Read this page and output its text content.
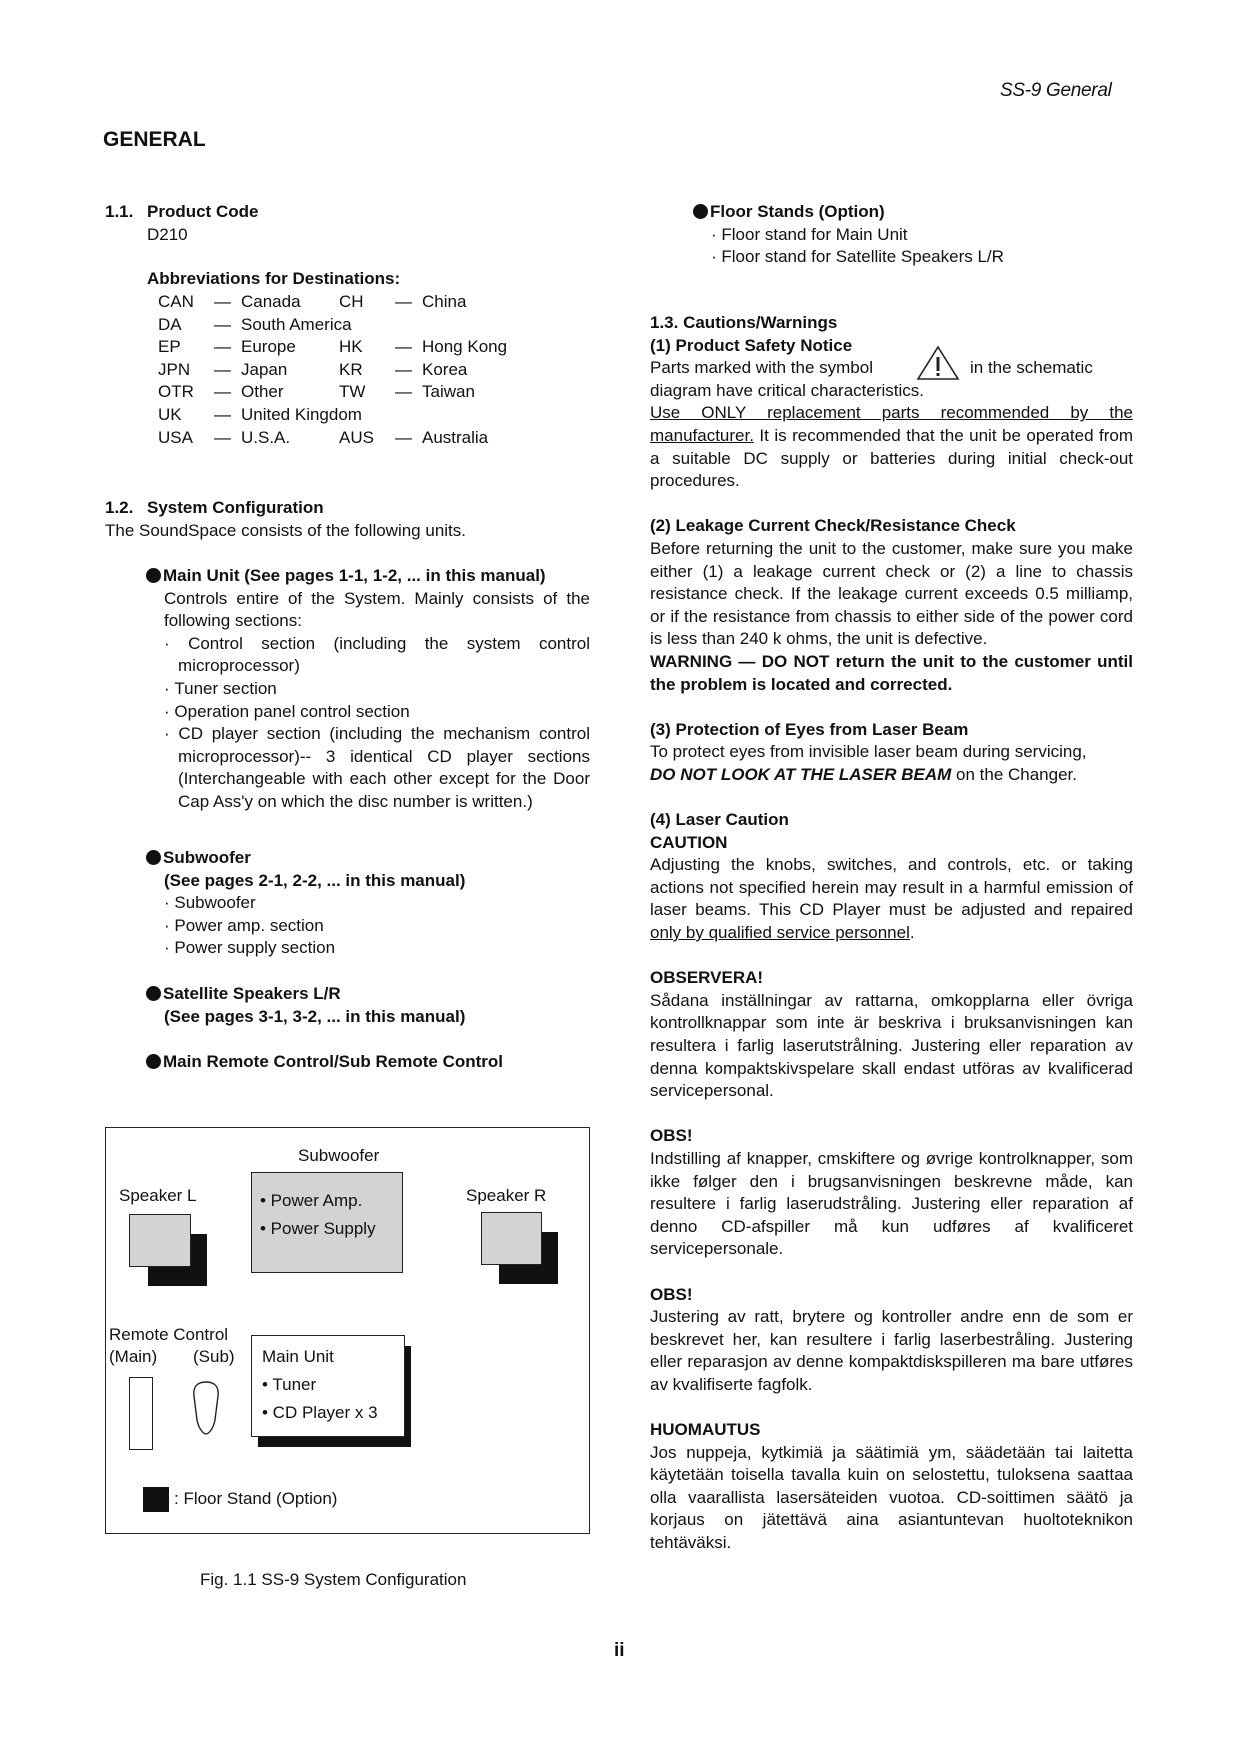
SS-9 General
GENERAL
1.1. Product Code
D210
Abbreviations for Destinations:
CAN	—	Canada	CH	—	China
DA	—	South America			
EP	—	Europe	HK	—	Hong Kong
JPN	—	Japan	KR	—	Korea
OTR	—	Other	TW	—	Taiwan
UK	—	United Kingdom			
USA	—	U.S.A.	AUS	—	Australia
1.2. System Configuration
The SoundSpace consists of the following units.
Main Unit (See pages 1-1, 1-2, ... in this manual)
Controls entire of the System. Mainly consists of the following sections:
· Control section (including the system control microprocessor)
· Tuner section
· Operation panel control section
· CD player section (including the mechanism control microprocessor)-- 3 identical CD player sections (Interchangeable with each other except for the Door Cap Ass'y on which the disc number is written.)
Subwoofer
(See pages 2-1, 2-2, ... in this manual)
· Subwoofer
· Power amp. section
· Power supply section
Satellite Speakers L/R
(See pages 3-1, 3-2, ... in this manual)
Main Remote Control/Sub Remote Control
Subwoofer
• Power Amp.
• Power Supply
Speaker L	Speaker R
Remote Control
(Main) (Sub) Main Unit
• Tuner
• CD Player x 3
: Floor Stand (Option)
Fig. 1.1 SS-9 System Configuration
Floor Stands (Option)
· Floor stand for Main Unit
· Floor stand for Satellite Speakers L/R
1.3. Cautions/Warnings
(1) Product Safety Notice
Parts marked with the symbol	in the schematic
diagram have critical characteristics.
Use ONLY replacement parts recommended by the manufacturer. It is recommended that the unit be operated from a suitable DC supply or batteries during initial check-out procedures.
(2) Leakage Current Check/Resistance Check
Before returning the unit to the customer, make sure you make either (1) a leakage current check or (2) a line to chassis resistance check. If the leakage current exceeds 0.5 milliamp, or if the resistance from chassis to either side of the power cord is less than 240 k ohms, the unit is defective.
WARNING — DO NOT return the unit to the customer until the problem is located and corrected.
(3) Protection of Eyes from Laser Beam
To protect eyes from invisible laser beam during servicing,
DO NOT LOOK AT THE LASER BEAM on the Changer.
(4) Laser Caution
CAUTION
Adjusting the knobs, switches, and controls, etc. or taking actions not specified herein may result in a harmful emission of laser beams. This CD Player must be adjusted and repaired only by qualified service personnel.
OBSERVERA!
Sådana inställningar av rattarna, omkopplarna eller övriga kontrollknappar som inte är beskriva i bruksanvisningen kan resultera i farlig laserutstrålning. Justering eller reparation av denna kompaktskivspelare skall endast utföras av kvalificerad servicepersonal.
OBS!
Indstilling af knapper, cmskiftere og øvrige kontrolknapper, som ikke følger den i brugsanvisningen beskrevne måde, kan resultere i farlig laserudstråling. Justering eller reparation af denno CD-afspiller må kun udføres af kvalificeret servicepersonale.
OBS!
Justering av ratt, brytere og kontroller andre enn de som er beskrevet her, kan resultere i farlig laserbestråling. Justering eller reparasjon av denne kompaktdiskspilleren ma bare utføres av kvalifiserte fagfolk.
HUOMAUTUS
Jos nuppeja, kytkimiä ja säätimiä ym, säädetään tai laitetta käytetään toisella tavalla kuin on selostettu, tuloksena saattaa olla vaarallista lasersäteiden vuotoa. CD-soittimen säätö ja korjaus on jätettävä aina asiantuntevan huoltoteknikon tehtäväksi.
ii
